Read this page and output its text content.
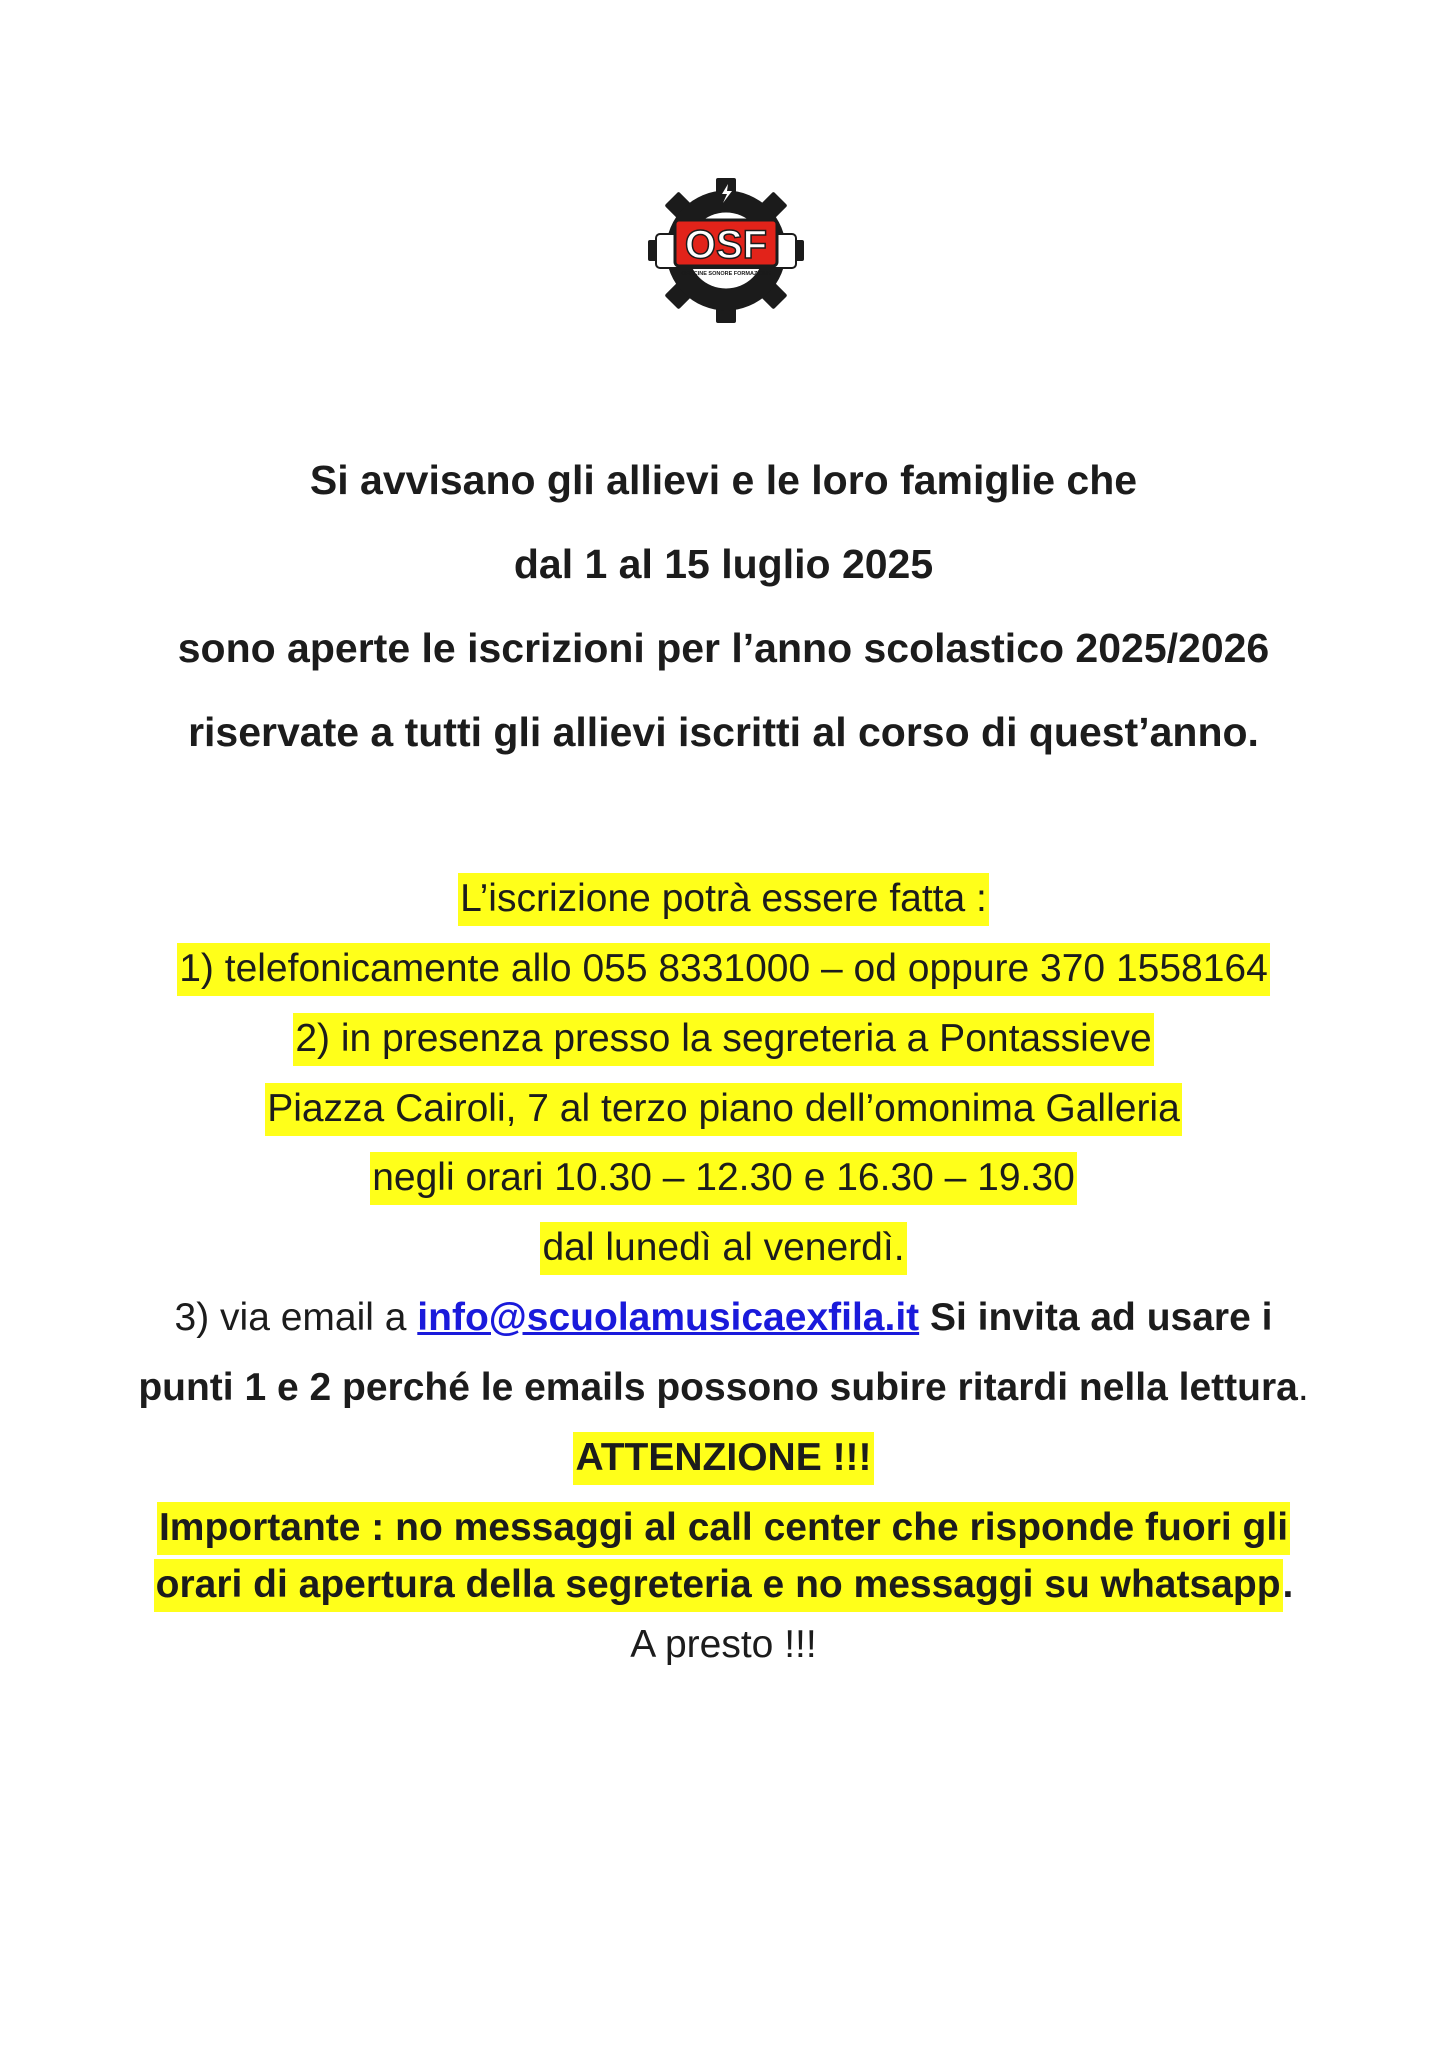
OSF
OFFICINE SONORE FORMAZIONE
Si avvisano gli allievi e le loro famiglie che
dal 1 al 15 luglio 2025
sono aperte le iscrizioni per l’anno scolastico 2025/2026
riservate a tutti gli allievi iscritti al corso di quest’anno.
L’iscrizione potrà essere fatta :
1) telefonicamente allo 055 8331000 – od oppure 370 1558164
2) in presenza presso la segreteria a Pontassieve
Piazza Cairoli, 7 al terzo piano dell’omonima Galleria
negli orari 10.30 – 12.30 e 16.30 – 19.30
dal lunedì al venerdì.
3) via email a info@scuolamusicaexfila.it Si invita ad usare i
punti 1 e 2 perché le emails possono subire ritardi nella lettura.
ATTENZIONE !!!
Importante : no messaggi al call center che risponde fuori gli
orari di apertura della segreteria e no messaggi su whatsapp.
A presto !!!
